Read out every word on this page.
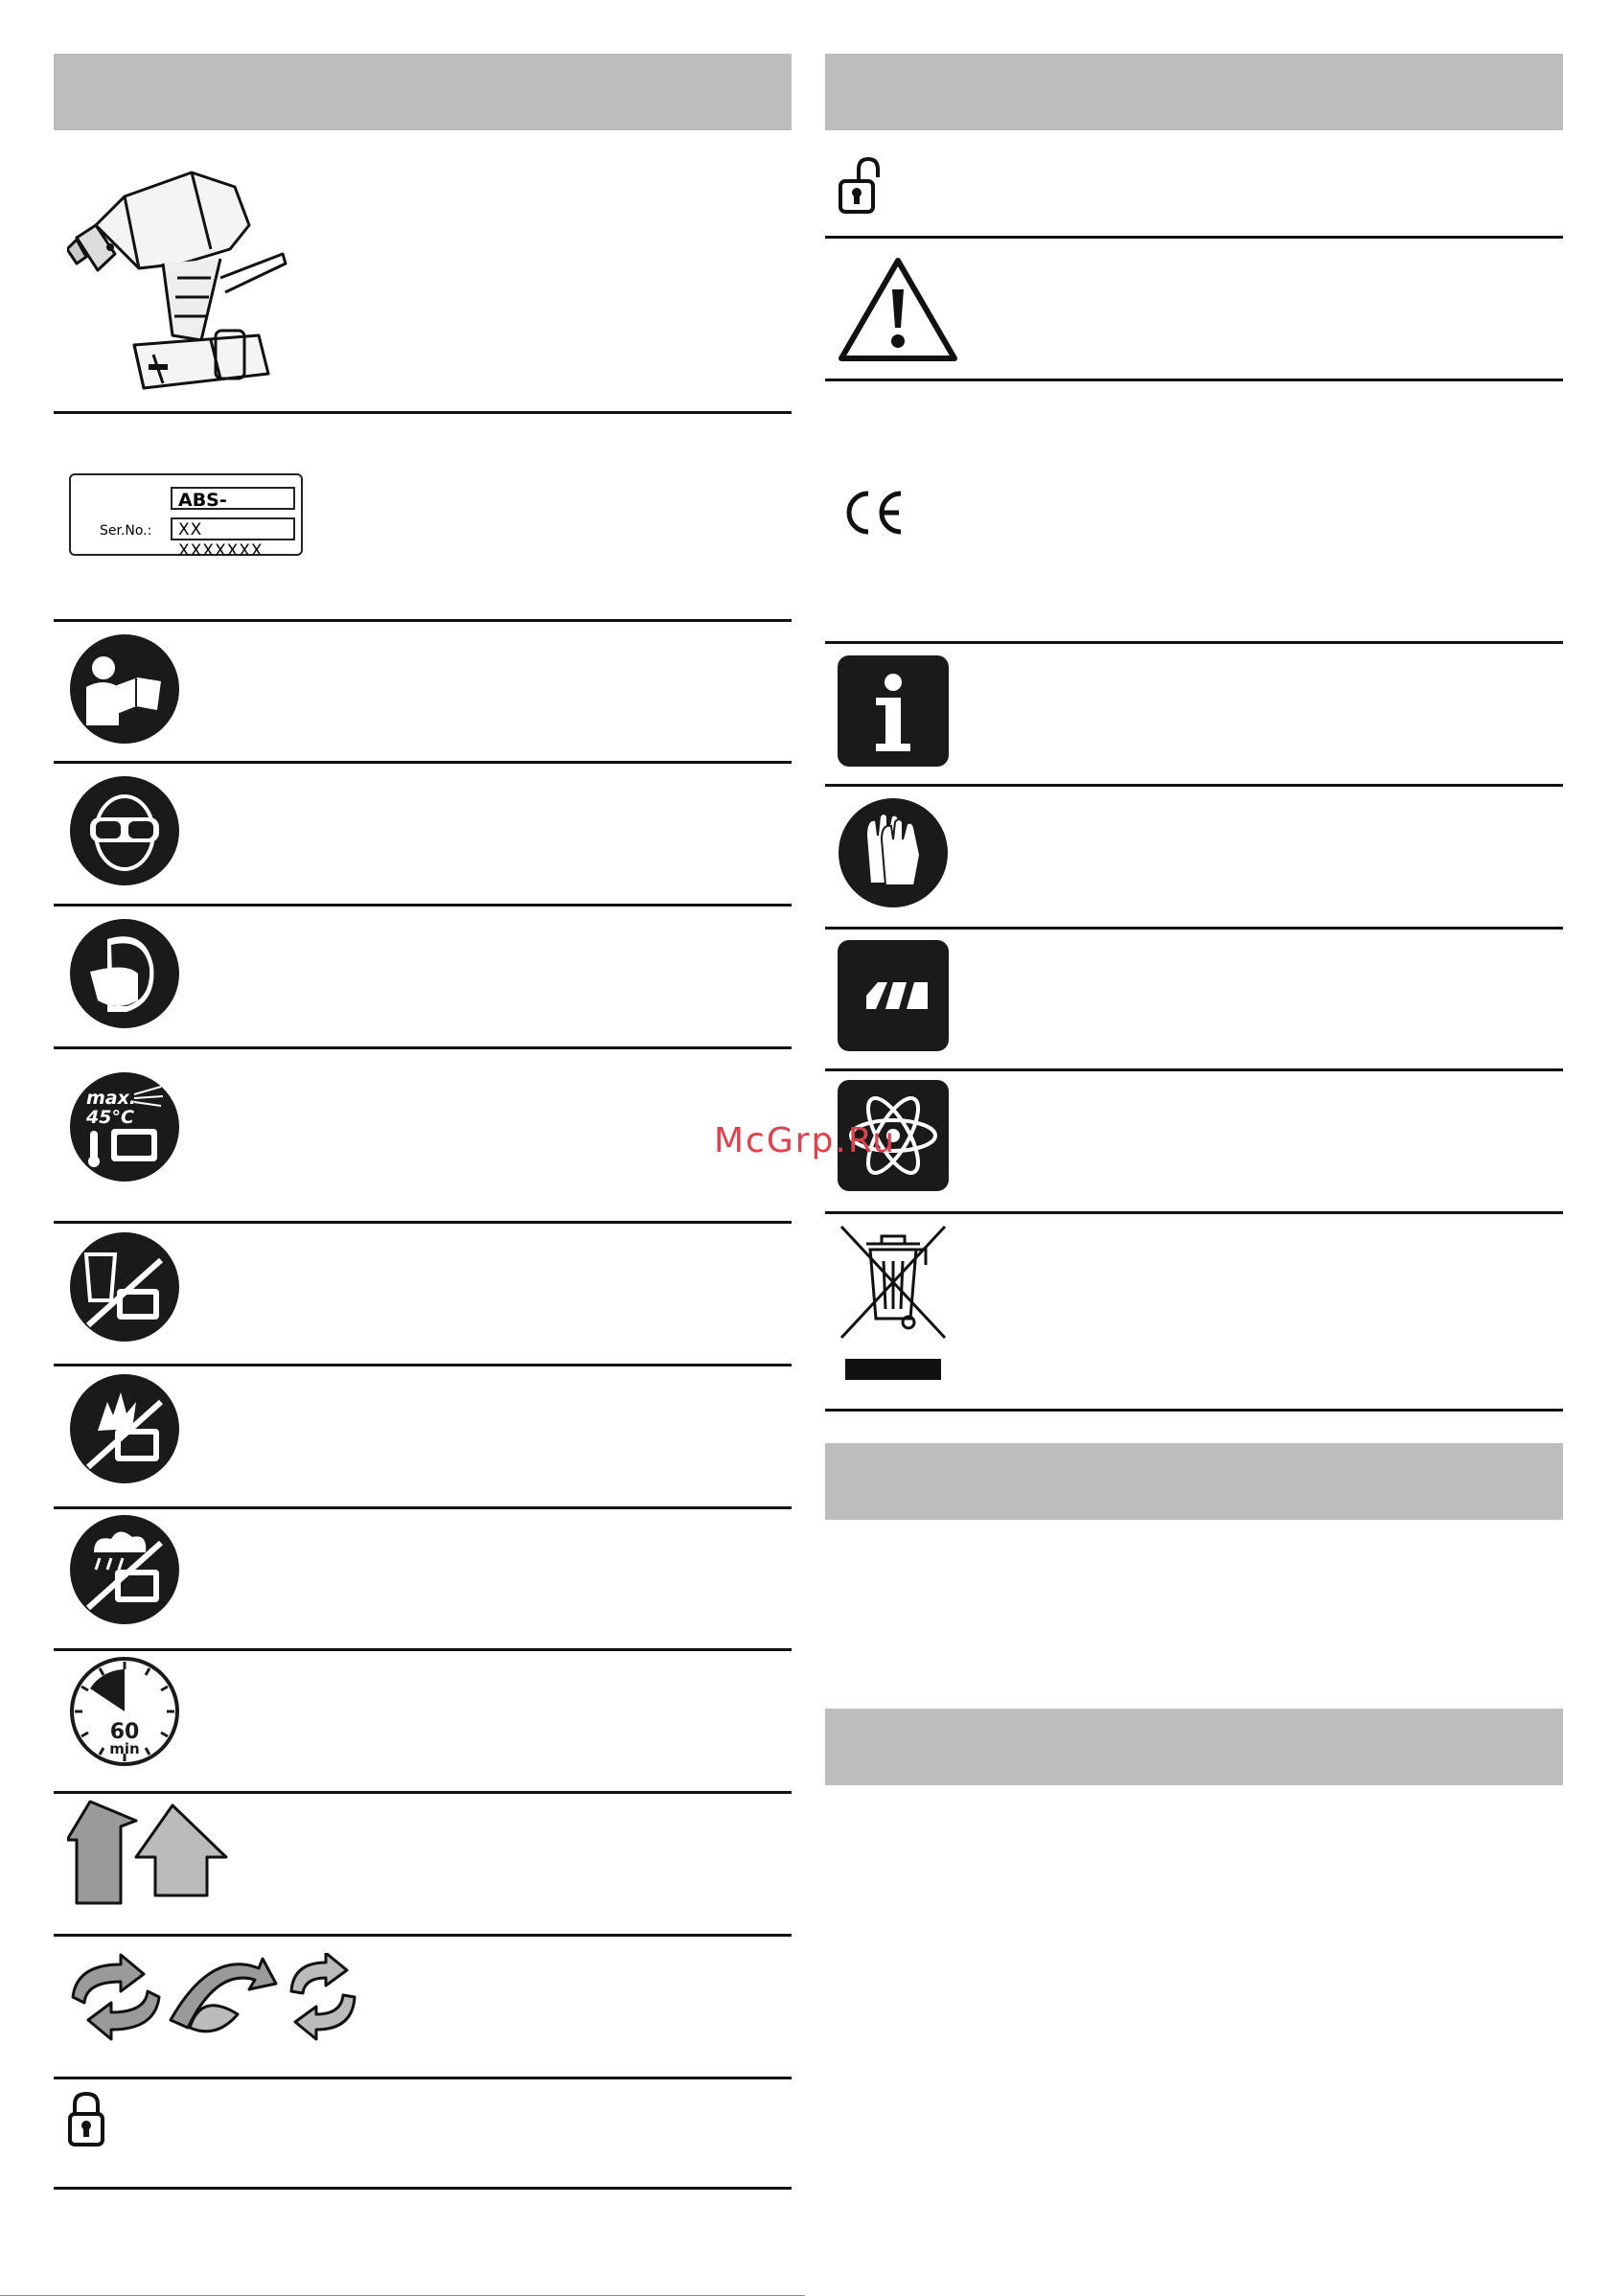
ABS-
Ser.No.:	XX XXXXXXX
max.
45°C
60
min
McGrp.Ru
